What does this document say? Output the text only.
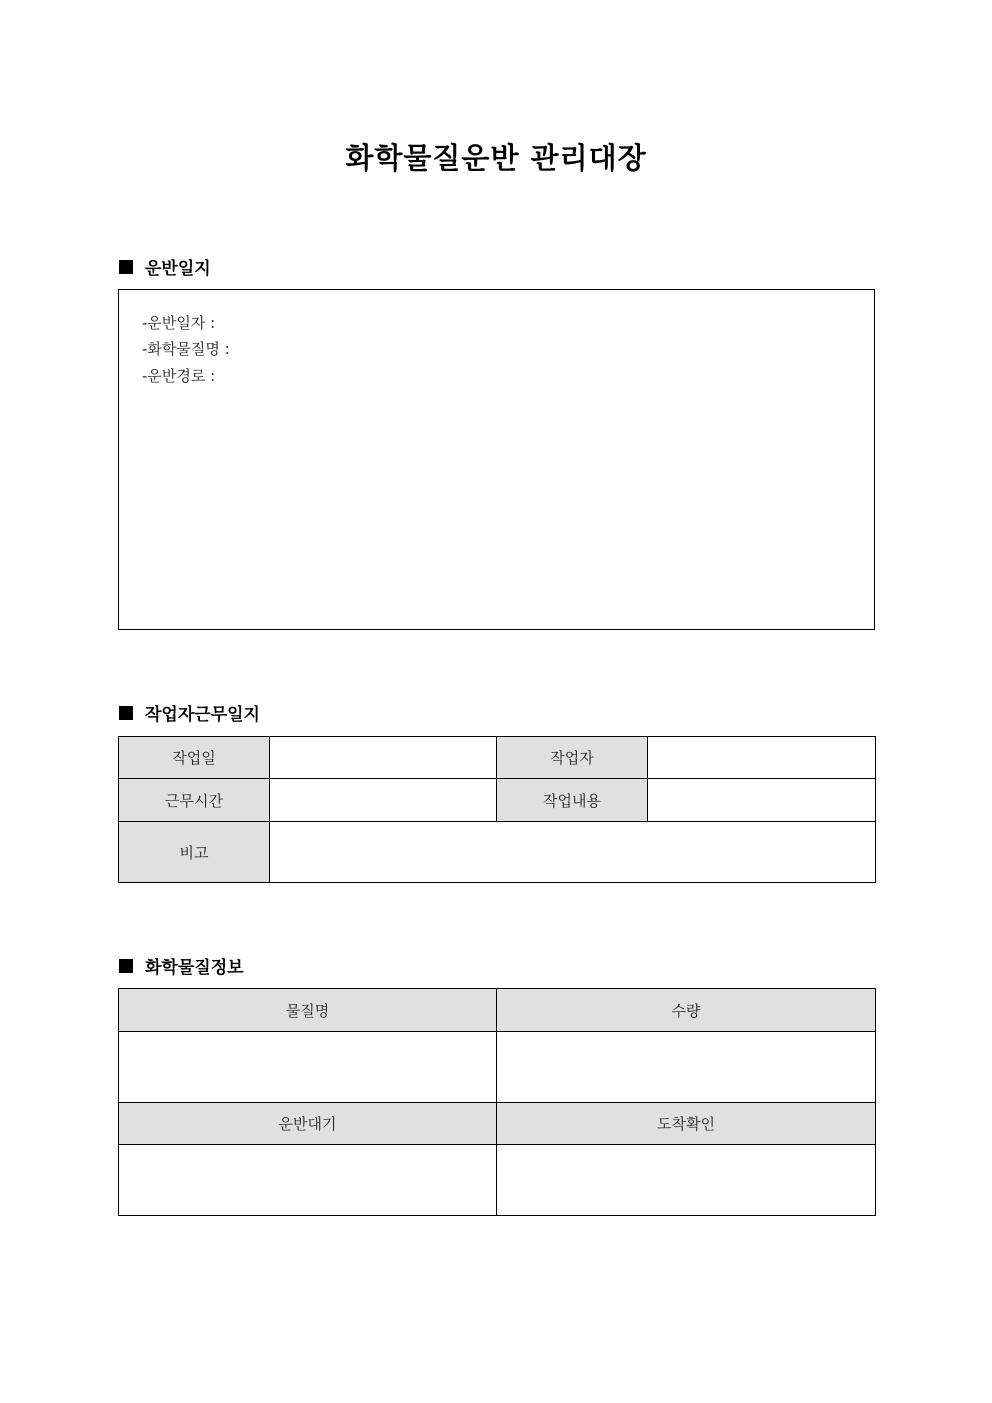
화학물질운반 관리대장
운반일지
-운반일자 :
-화학물질명 :
-운반경로 :
작업자근무일지
작업일		작업자	
근무시간		작업내용	
비고			
화학물질정보
물질명	수량

운반대기	도착확인
